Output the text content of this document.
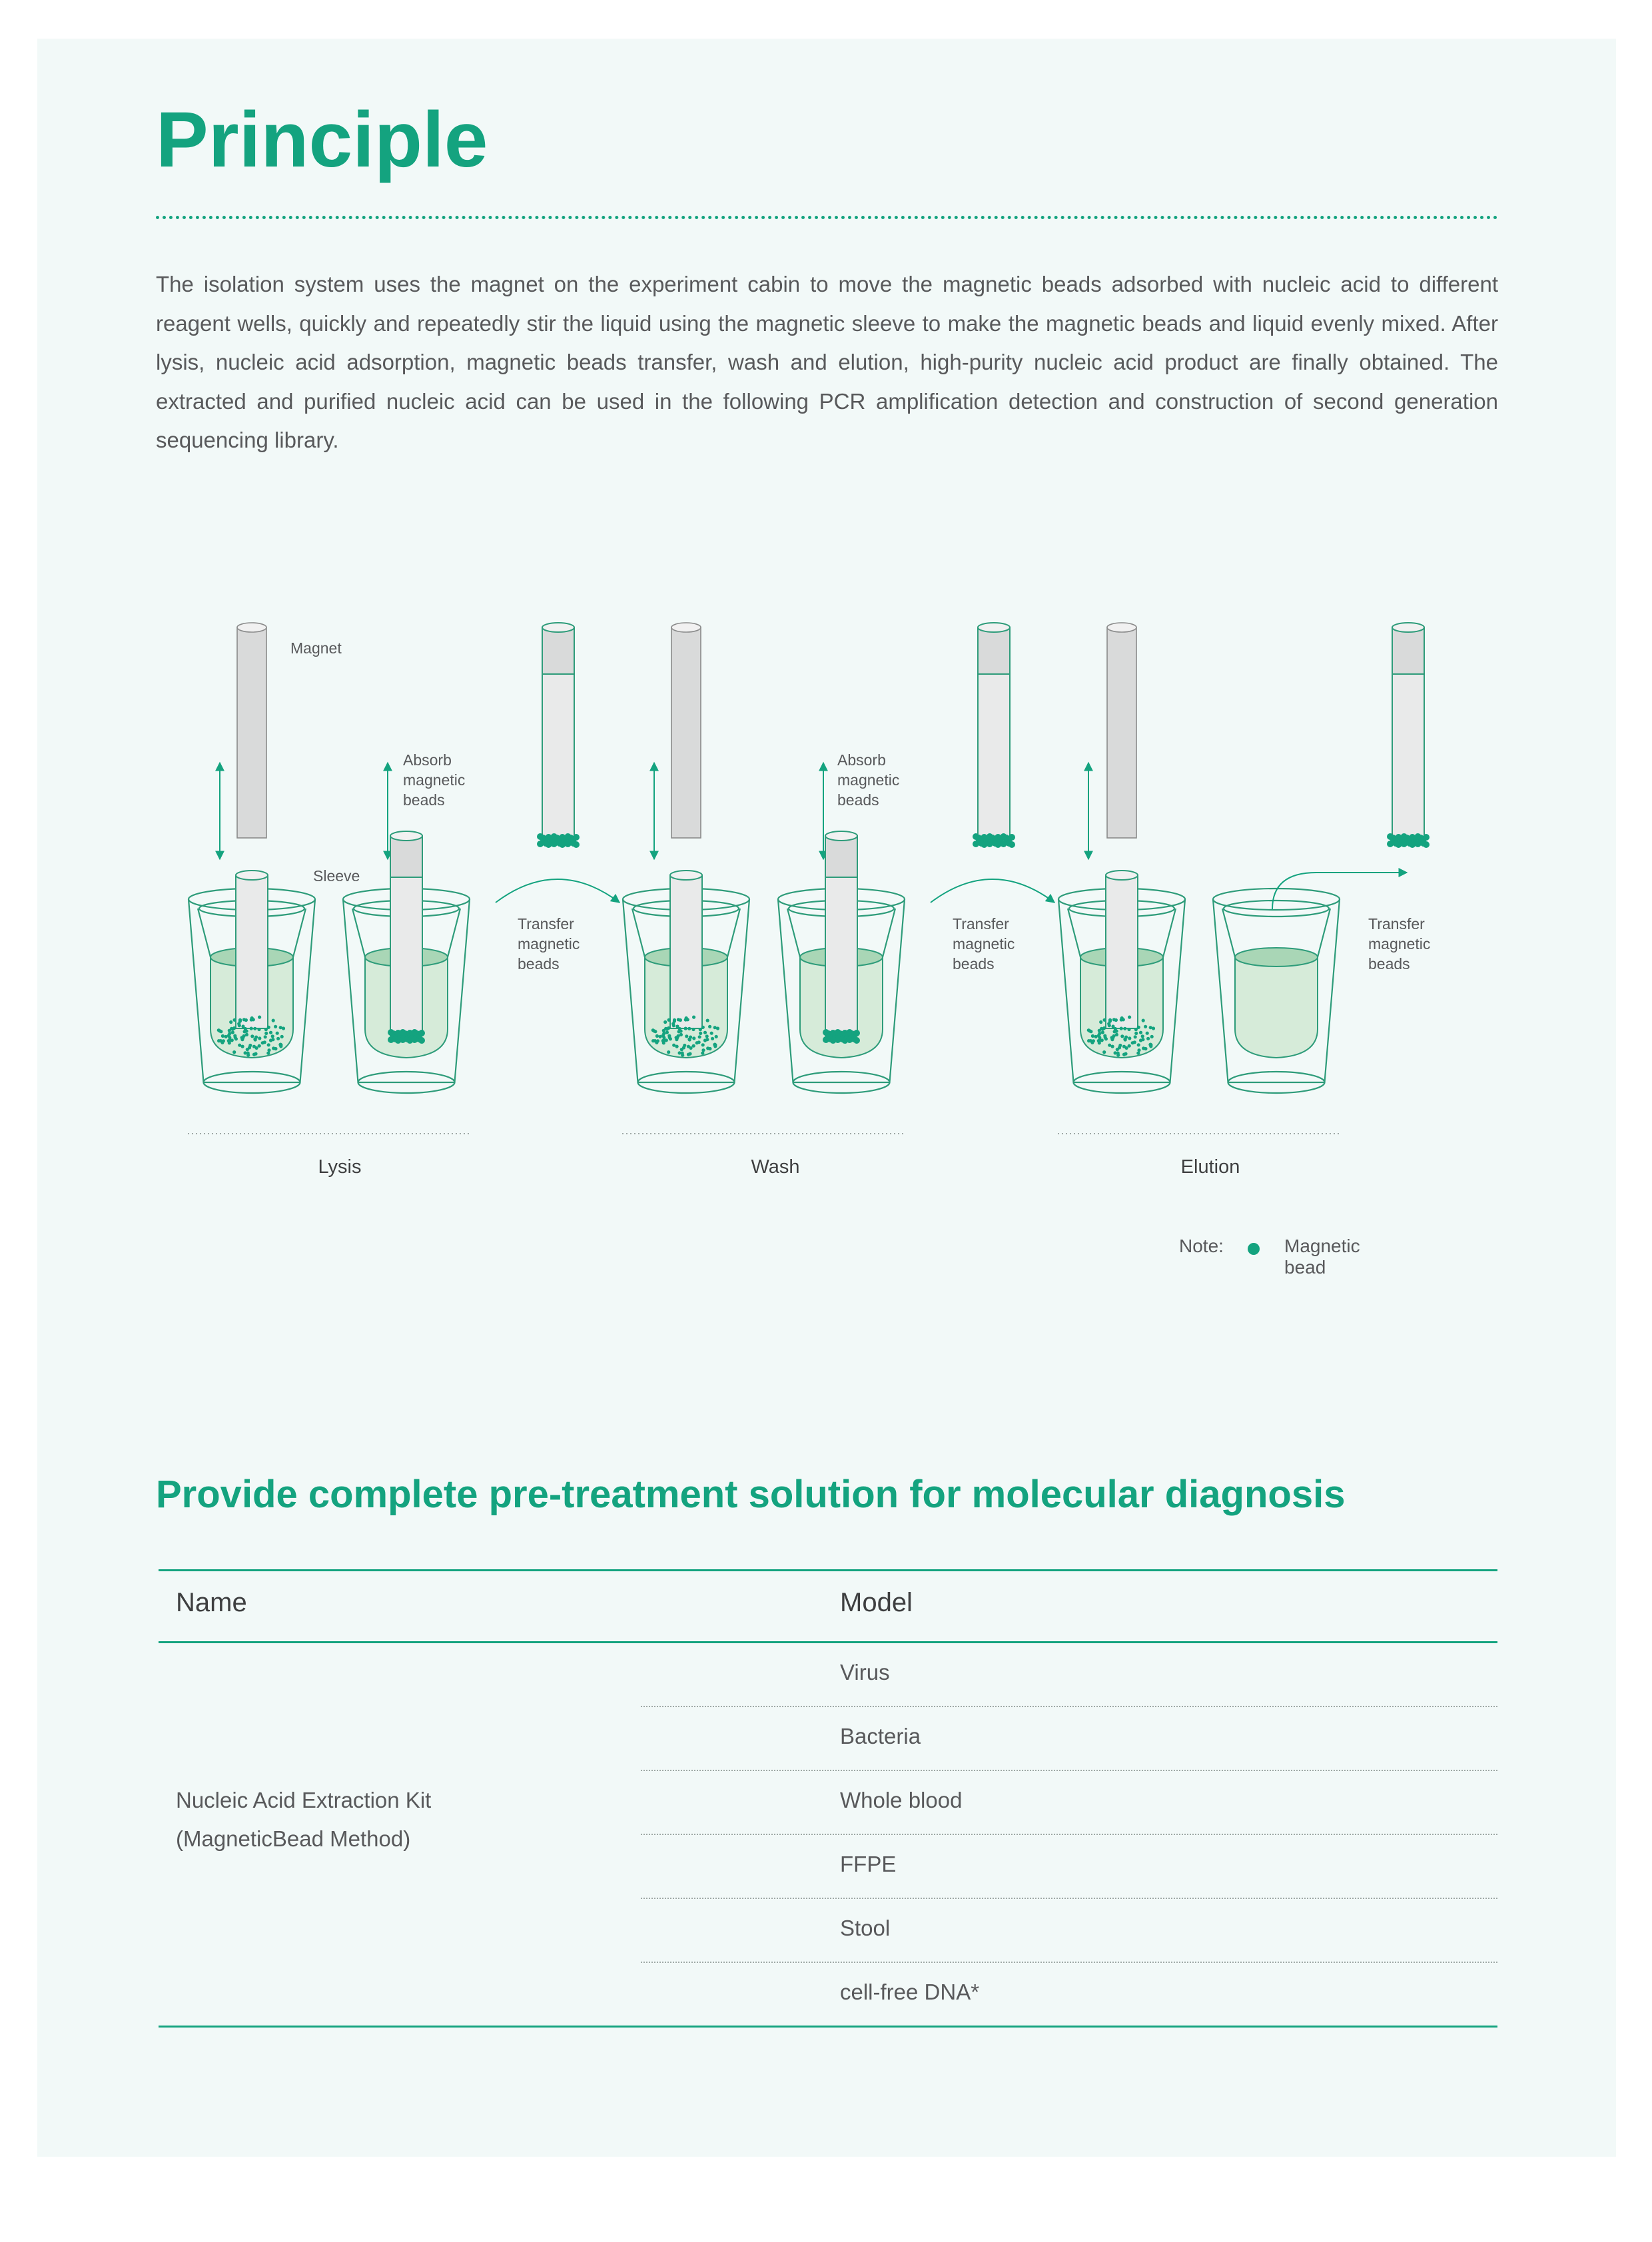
Principle

The isolation system uses the magnet on the experiment cabin to move the magnetic beads adsorbed with nucleic acid to different reagent wells, quickly and repeatedly stir the liquid using the magnetic sleeve to make the magnetic beads and liquid evenly mixed. After lysis, nucleic acid adsorption, magnetic beads transfer, wash and elution, high-purity nucleic acid product are finally obtained. The extracted and purified nucleic acid can be used in the following PCR amplification detection and construction of second generation sequencing library.

Magnet
Sleeve
Absorb
magnetic
beads
Absorb
magnetic
beads
Transfer
magnetic
beads
Transfer
magnetic
beads
Transfer
magnetic
beads
Lysis	Wash	Elution
Note:	Magnetic bead
Provide complete pre-treatment solution for molecular diagnosis
Name	Model
Nucleic Acid Extraction Kit
(MagneticBead Method)
Virus
Bacteria
Whole blood
FFPE
Stool
cell-free DNA*
